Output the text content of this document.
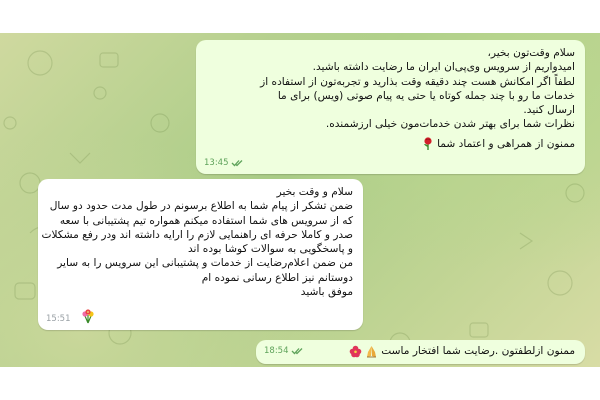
سلام وقت‌تون بخیر،
امیدواریم از سرویس وی‌پی‌ان ایران ما رضایت داشته باشید.
لطفاً اگر امکانش هست چند دقیقه وقت بذارید و تجربه‌تون از استفاده از
خدمات ما رو با چند جمله کوتاه یا حتی یه پیام صوتی (ویس) برای ما
ارسال کنید.
نظرات شما برای بهتر شدن خدمات‌مون خیلی ارزشمنده.
ممنون از همراهی و اعتماد شما
13:45
سلام و وقت بخیر
ضمن تشکر از پیام شما به اطلاع برسونم در طول مدت حدود دو سال
که از سرویس های شما استفاده میکنم همواره تیم پشتیبانی با سعه
صدر و کاملا حرفه ای راهنمایی لازم را ارایه داشته اند ودر رفع مشکلات
و پاسخگویی به سوالات کوشا بوده اند
من ضمن اعلام‌رضایت از خدمات و پشتیبانی این سرویس را به سایر
دوستانم نیز اطلاع رسانی نموده ام
موفق باشید
15:51
ممنون ازلطفتون .رضایت شما افتخار ماست
18:54
